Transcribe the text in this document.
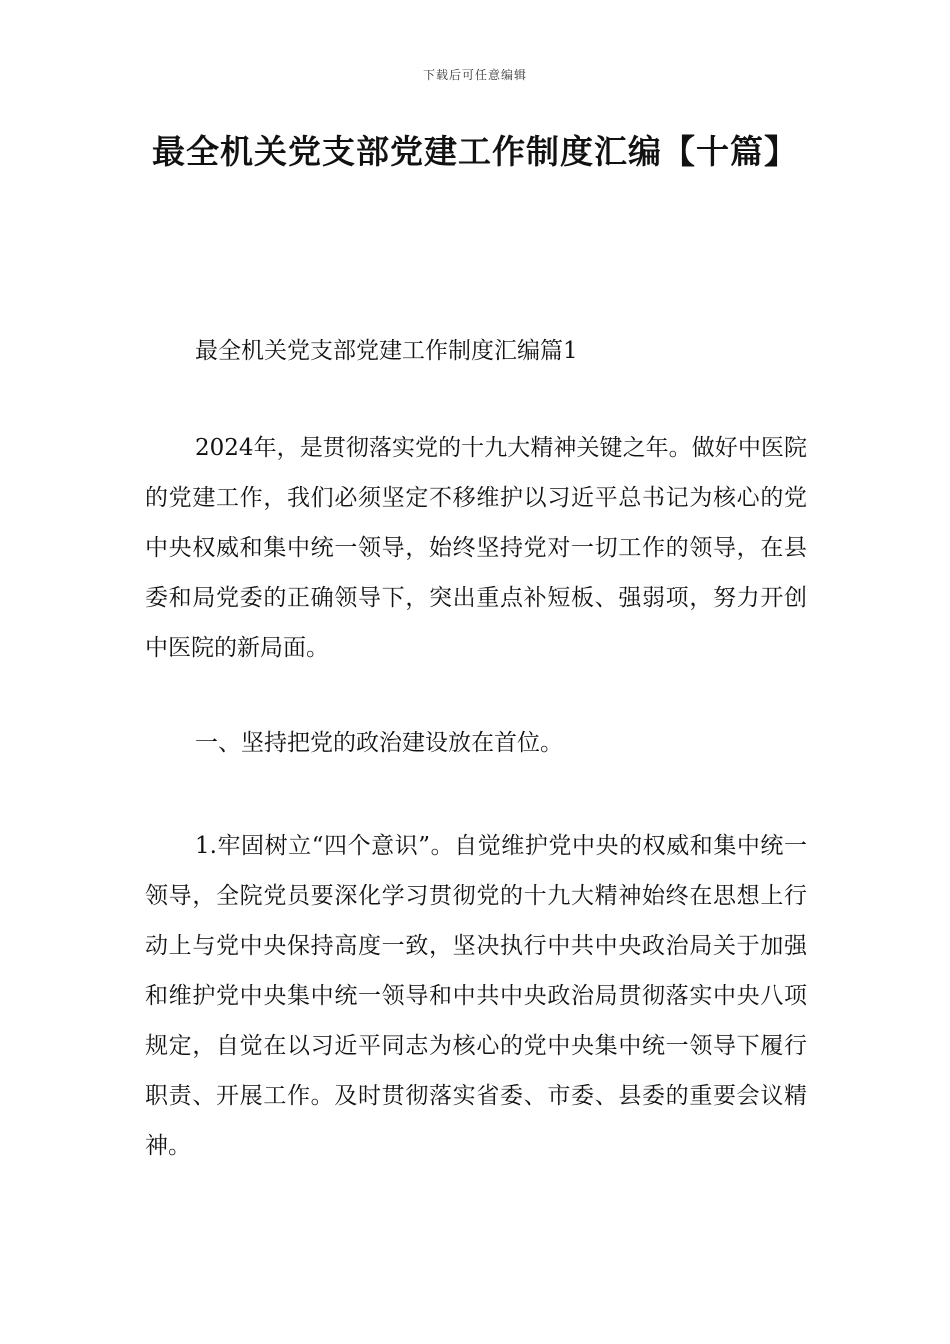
下载后可任意编辑
最全机关党支部党建工作制度汇编【十篇】

最全机关党支部党建工作制度汇编篇1

2024年，是贯彻落实党的十九大精神关键之年。做好中医院的党建工作，我们必须坚定不移维护以习近平总书记为核心的党中央权威和集中统一领导，始终坚持党对一切工作的领导，在县委和局党委的正确领导下，突出重点补短板、强弱项，努力开创中医院的新局面。

一、坚持把党的政治建设放在首位。

1.牢固树立“四个意识”。自觉维护党中央的权威和集中统一领导，全院党员要深化学习贯彻党的十九大精神始终在思想上行动上与党中央保持高度一致，坚决执行中共中央政治局关于加强和维护党中央集中统一领导和中共中央政治局贯彻落实中央八项规定，自觉在以习近平同志为核心的党中央集中统一领导下履行职责、开展工作。及时贯彻落实省委、市委、县委的重要会议精神。
